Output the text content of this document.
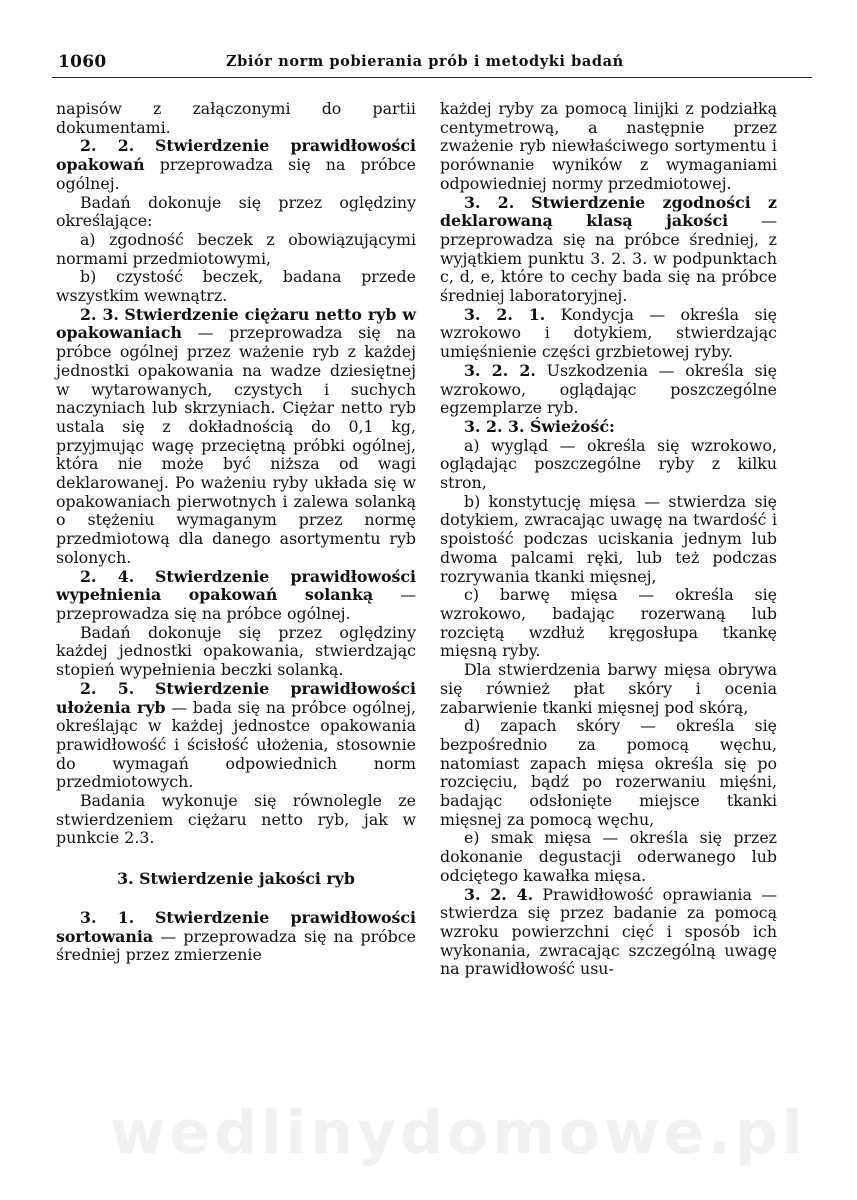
1060	Zbiór norm pobierania prób i metodyki badań

napisów z załączonymi do partii dokumentami.

2. 2. Stwierdzenie prawidłowości opakowań przeprowadza się na próbce ogólnej.

Badań dokonuje się przez oględziny określające:

a) zgodność beczek z obowiązującymi normami przedmiotowymi,

b) czystość beczek, badana przede wszystkim wewnątrz.

2. 3. Stwierdzenie ciężaru netto ryb w opakowaniach — przeprowadza się na próbce ogólnej przez ważenie ryb z każdej jednostki opakowania na wadze dziesiętnej w wytarowanych, czystych i suchych naczyniach lub skrzyniach. Ciężar netto ryb ustala się z dokładnością do 0,1 kg, przyjmując wagę przeciętną próbki ogólnej, która nie może być niższa od wagi deklarowanej. Po ważeniu ryby układa się w opakowaniach pierwotnych i zalewa solanką o stężeniu wymaganym przez normę przedmiotową dla danego asortymentu ryb solonych.

2. 4. Stwierdzenie prawidłowości wypełnienia opakowań solanką — przeprowadza się na próbce ogólnej.

Badań dokonuje się przez oględziny każdej jednostki opakowania, stwierdzając stopień wypełnienia beczki solanką.

2. 5. Stwierdzenie prawidłowości ułożenia ryb — bada się na próbce ogólnej, określając w każdej jednostce opakowania prawidłowość i ścisłość ułożenia, stosownie do wymagań odpowiednich norm przedmiotowych.

Badania wykonuje się równolegle ze stwierdzeniem ciężaru netto ryb, jak w punkcie 2.3.

3. Stwierdzenie jakości ryb

3. 1. Stwierdzenie prawidłowości sortowania — przeprowadza się na próbce średniej przez zmierzenie

każdej ryby za pomocą linijki z podziałką centymetrową, a następnie przez zważenie ryb niewłaściwego sortymentu i porównanie wyników z wymaganiami odpowiedniej normy przedmiotowej.

3. 2. Stwierdzenie zgodności z deklarowaną klasą jakości — przeprowadza się na próbce średniej, z wyjątkiem punktu 3. 2. 3. w podpunktach c, d, e, które to cechy bada się na próbce średniej laboratoryjnej.

3. 2. 1. Kondycja — określa się wzrokowo i dotykiem, stwierdzając umięśnienie części grzbietowej ryby.

3. 2. 2. Uszkodzenia — określa się wzrokowo, oglądając poszczególne egzemplarze ryb.

3. 2. 3. Świeżość:

a) wygląd — określa się wzrokowo, oglądając poszczególne ryby z kilku stron,

b) konstytucję mięsa — stwierdza się dotykiem, zwracając uwagę na twardość i spoistość podczas uciskania jednym lub dwoma palcami ręki, lub też podczas rozrywania tkanki mięsnej,

c) barwę mięsa — określa się wzrokowo, badając rozerwaną lub rozciętą wzdłuż kręgosłupa tkankę mięsną ryby.

Dla stwierdzenia barwy mięsa obrywa się również płat skóry i ocenia zabarwienie tkanki mięsnej pod skórą,

d) zapach skóry — określa się bezpośrednio za pomocą węchu, natomiast zapach mięsa określa się po rozcięciu, bądź po rozerwaniu mięśni, badając odsłonięte miejsce tkanki mięsnej za pomocą węchu,

e) smak mięsa — określa się przez dokonanie degustacji oderwanego lub odciętego kawałka mięsa.

3. 2. 4. Prawidłowość oprawiania — stwierdza się przez badanie za pomocą wzroku powierzchni cięć i sposób ich wykonania, zwracając szczególną uwagę na prawidłowość usu-

wedlinydomowe.pl
